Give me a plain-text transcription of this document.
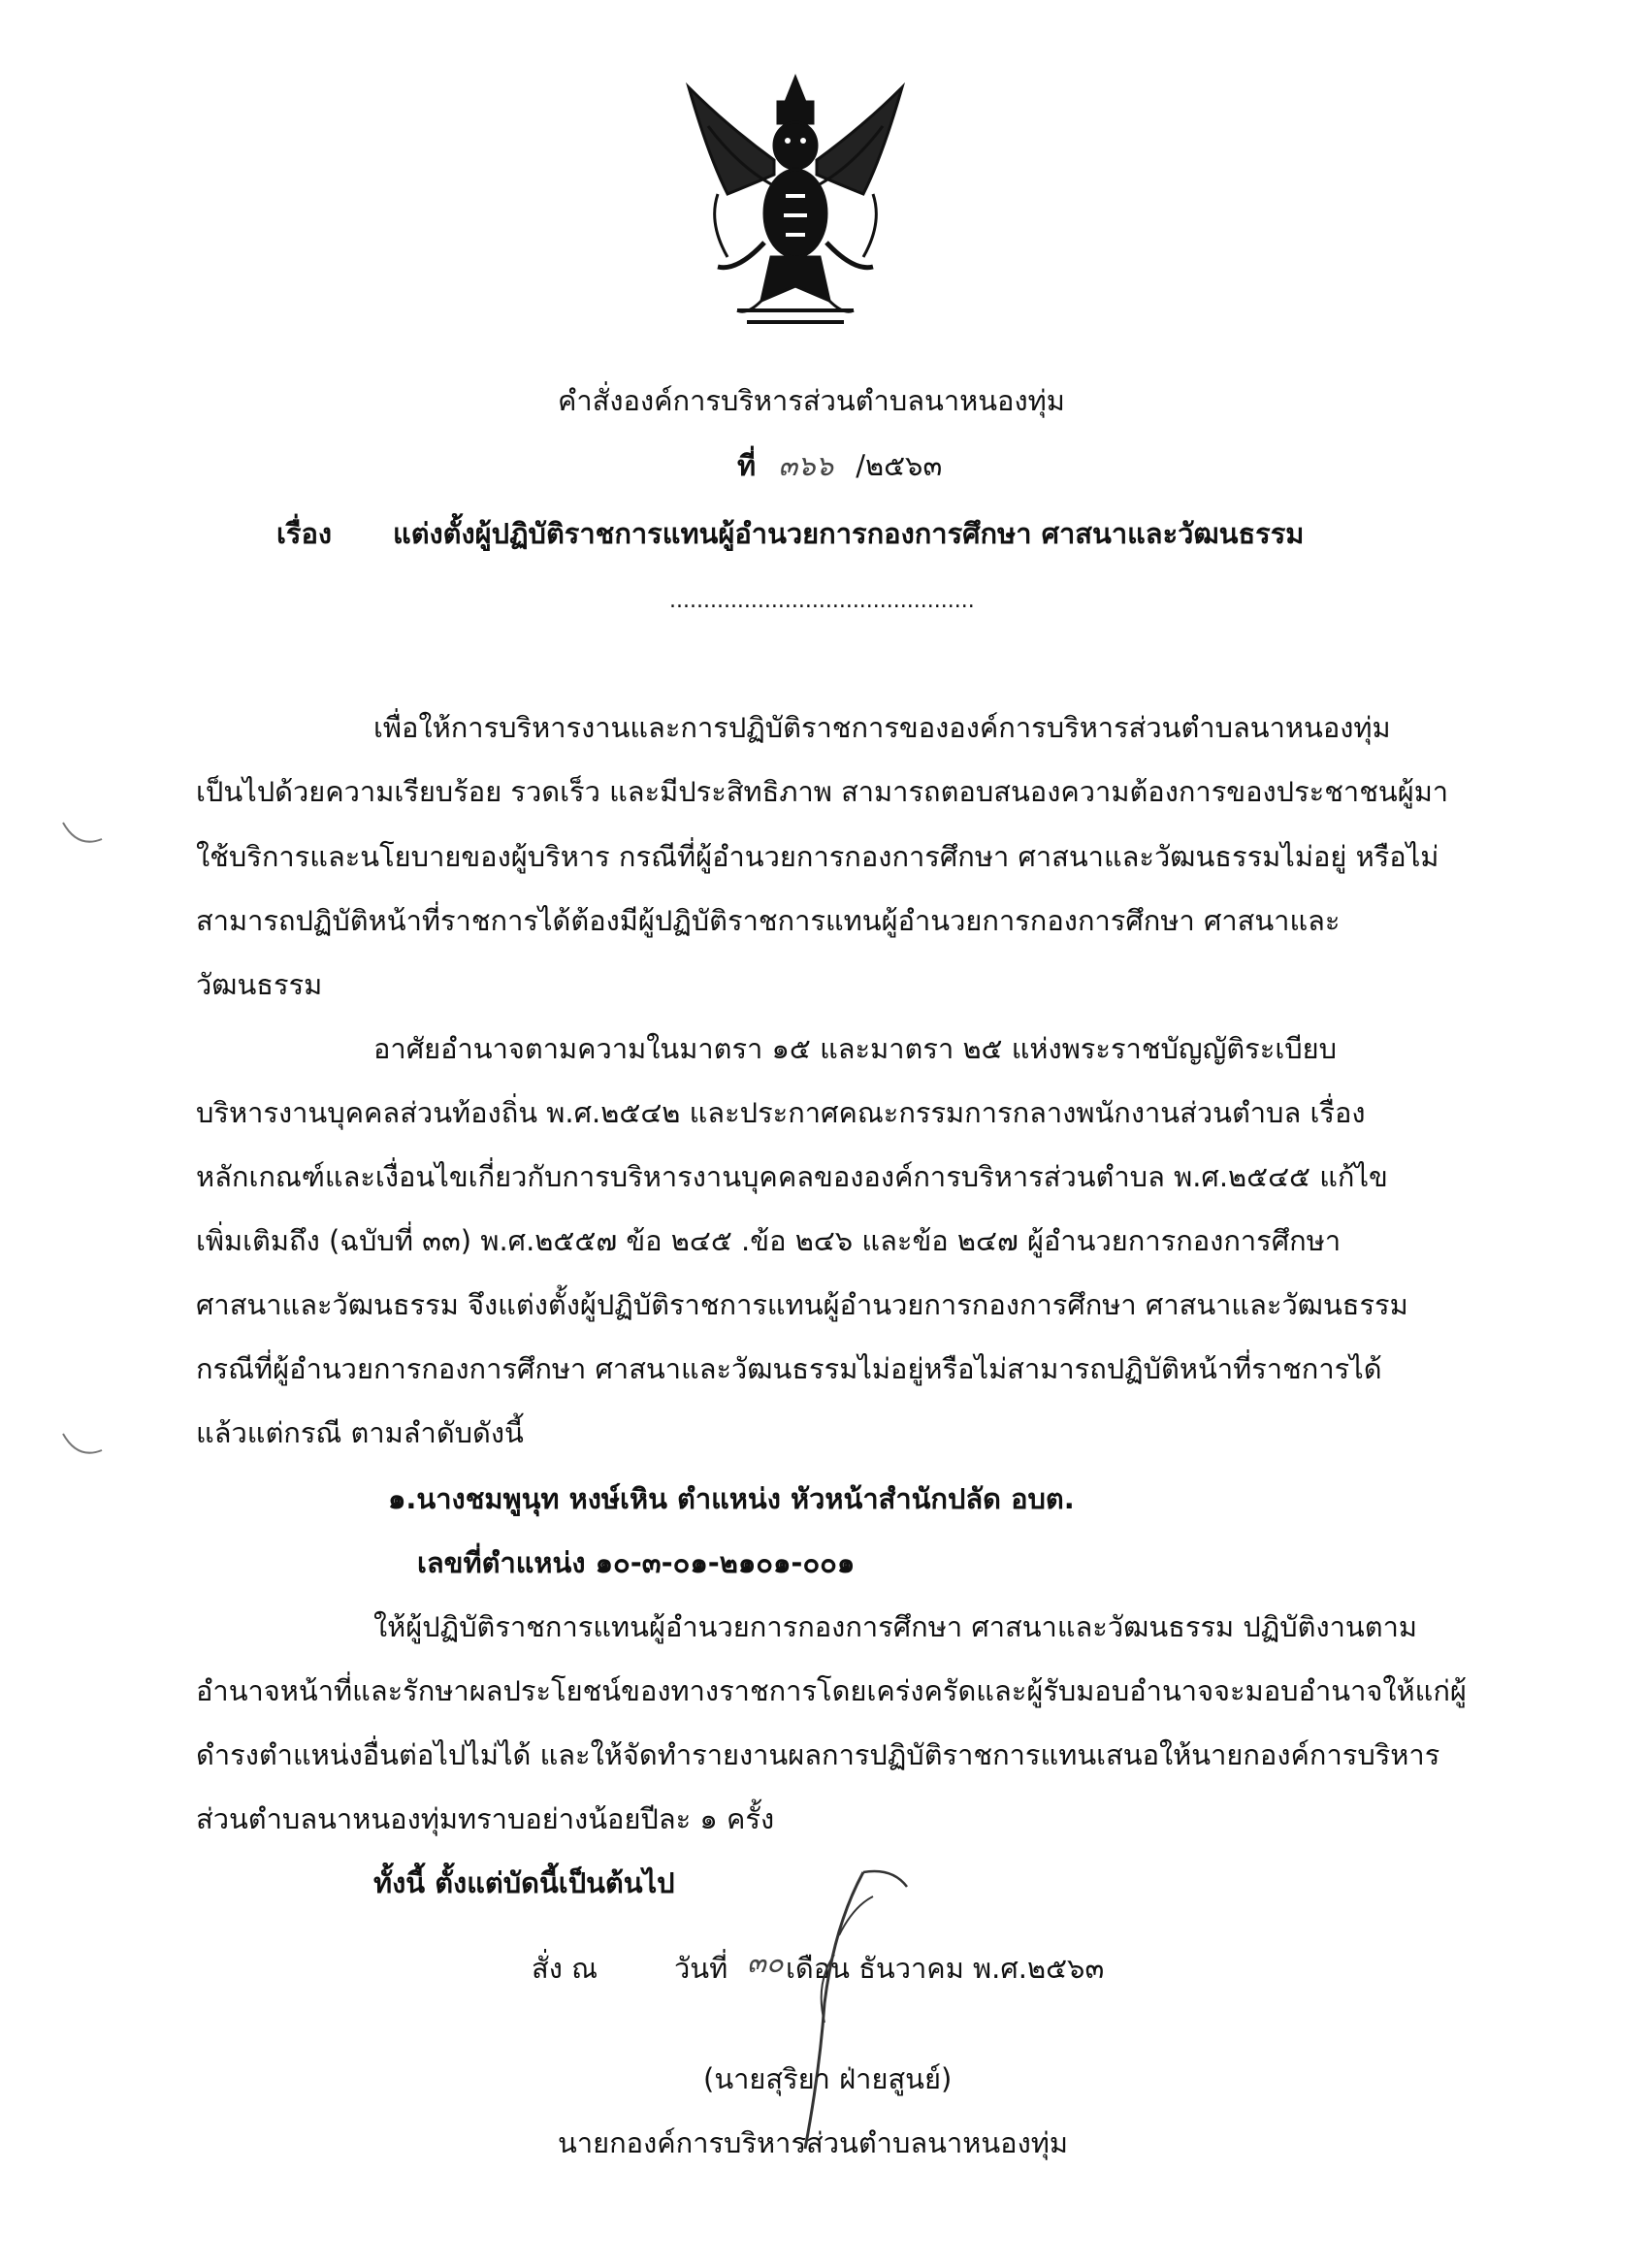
คำสั่งองค์การบริหารส่วนตำบลนาหนองทุ่ม
ที่ ๓๖๖ /๒๕๖๓
เรื่อง แต่งตั้งผู้ปฏิบัติราชการแทนผู้อำนวยการกองการศึกษา ศาสนาและวัฒนธรรม
.............................................
เพื่อให้การบริหารงานและการปฏิบัติราชการขององค์การบริหารส่วนตำบลนาหนองทุ่ม
เป็นไปด้วยความเรียบร้อย รวดเร็ว และมีประสิทธิภาพ สามารถตอบสนองความต้องการของประชาชนผู้มา
ใช้บริการและนโยบายของผู้บริหาร กรณีที่ผู้อำนวยการกองการศึกษา ศาสนาและวัฒนธรรมไม่อยู่ หรือไม่
สามารถปฏิบัติหน้าที่ราชการได้ต้องมีผู้ปฏิบัติราชการแทนผู้อำนวยการกองการศึกษา ศาสนาและ
วัฒนธรรม
อาศัยอำนาจตามความในมาตรา ๑๕ และมาตรา ๒๕ แห่งพระราชบัญญัติระเบียบ
บริหารงานบุคคลส่วนท้องถิ่น พ.ศ.๒๕๔๒ และประกาศคณะกรรมการกลางพนักงานส่วนตำบล เรื่อง
หลักเกณฑ์และเงื่อนไขเกี่ยวกับการบริหารงานบุคคลขององค์การบริหารส่วนตำบล พ.ศ.๒๕๔๕ แก้ไข
เพิ่มเติมถึง (ฉบับที่ ๓๓) พ.ศ.๒๕๕๗ ข้อ ๒๔๕ .ข้อ ๒๔๖ และข้อ ๒๔๗ ผู้อำนวยการกองการศึกษา
ศาสนาและวัฒนธรรม จึงแต่งตั้งผู้ปฏิบัติราชการแทนผู้อำนวยการกองการศึกษา ศาสนาและวัฒนธรรม
กรณีที่ผู้อำนวยการกองการศึกษา ศาสนาและวัฒนธรรมไม่อยู่หรือไม่สามารถปฏิบัติหน้าที่ราชการได้
แล้วแต่กรณี ตามลำดับดังนี้
๑.นางชมพูนุท หงษ์เหิน ตำแหน่ง หัวหน้าสำนักปลัด อบต.
เลขที่ตำแหน่ง ๑๐-๓-๐๑-๒๑๐๑-๐๐๑
ให้ผู้ปฏิบัติราชการแทนผู้อำนวยการกองการศึกษา ศาสนาและวัฒนธรรม ปฏิบัติงานตาม
อำนาจหน้าที่และรักษาผลประโยชน์ของทางราชการโดยเคร่งครัดและผู้รับมอบอำนาจจะมอบอำนาจให้แก่ผู้
ดำรงตำแหน่งอื่นต่อไปไม่ได้ และให้จัดทำรายงานผลการปฏิบัติราชการแทนเสนอให้นายกองค์การบริหาร
ส่วนตำบลนาหนองทุ่มทราบอย่างน้อยปีละ ๑ ครั้ง
ทั้งนี้ ตั้งแต่บัดนี้เป็นต้นไป
สั่ง ณ	วันที่ ๓๐ เดือน ธันวาคม พ.ศ.๒๕๖๓
(นายสุริยา ฝ่ายสูนย์)
นายกองค์การบริหารส่วนตำบลนาหนองทุ่ม
